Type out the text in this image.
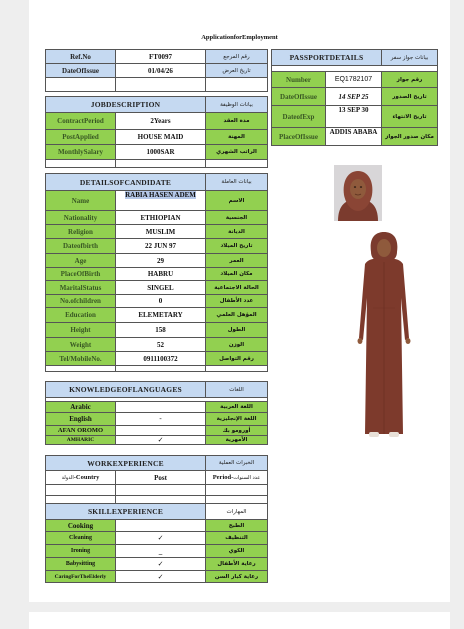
ApplicationforEmployment
Ref.No	FT0097	رقم المرجع
DateOfIssue	01/04/26	تاريخ العرض

JOBDESCRIPTION		بيانات الوظيفة
ContractPeriod	2Years	مدة العقد
PostApplied	HOUSE MAID	المهنة
MonthlySalary	1000SAR	الراتب الشهري

PASSPORTDETAILS		بيانات جواز سفر

Number	EQ1782107	رقم جواز
DateOfIssue	14 SEP 25	تاريخ الصدور
DateofExp	13 SEP 30	تاريخ الانتهاء
PlaceOfIssue	ADDIS ABABA	مكان صدور الجواز
DETAILSOFCANDIDATE		بيانات العاملة
Name	RABIA HASEN ADEM	الاسم
Nationality	ETHIOPIAN	الجنسية
Religion	MUSLIM	الديانة
Dateofbirth	22 JUN 97	تاريخ الميلاد
Age	29	العمر
PlaceOfBirth	HABRU	مكان الميلاد
MaritalStatus	SINGEL	الحالة الاجتماعية
No.ofchildren	0	عدد الأطفال
Education	ELEMETARY	المؤهل العلمي
Height	158	الطول
Weight	52	الوزن
Tel/MobileNo.	0911100372	رقم التواصل

KNOWLEDGEOFLANGUAGES		اللغات

Arabic		اللغة العربية
English	-	اللغة الإنجليزية
AFAN OROMO		أورومو بك
AMHARIC	✓	الأمهرية
WORKEXPERIENCE		الخبرات العملية
الدولة-Country	Post	Period-عدد السنوات

SKILLEXPERIENCE		المهارات
Cooking		الطبخ
Cleaning	✓	التنظيف
Ironing	_	الكوي
Babysitting	✓	رعاية الأطفال
CaringForTheElderly	✓	رعاية كبار السن
